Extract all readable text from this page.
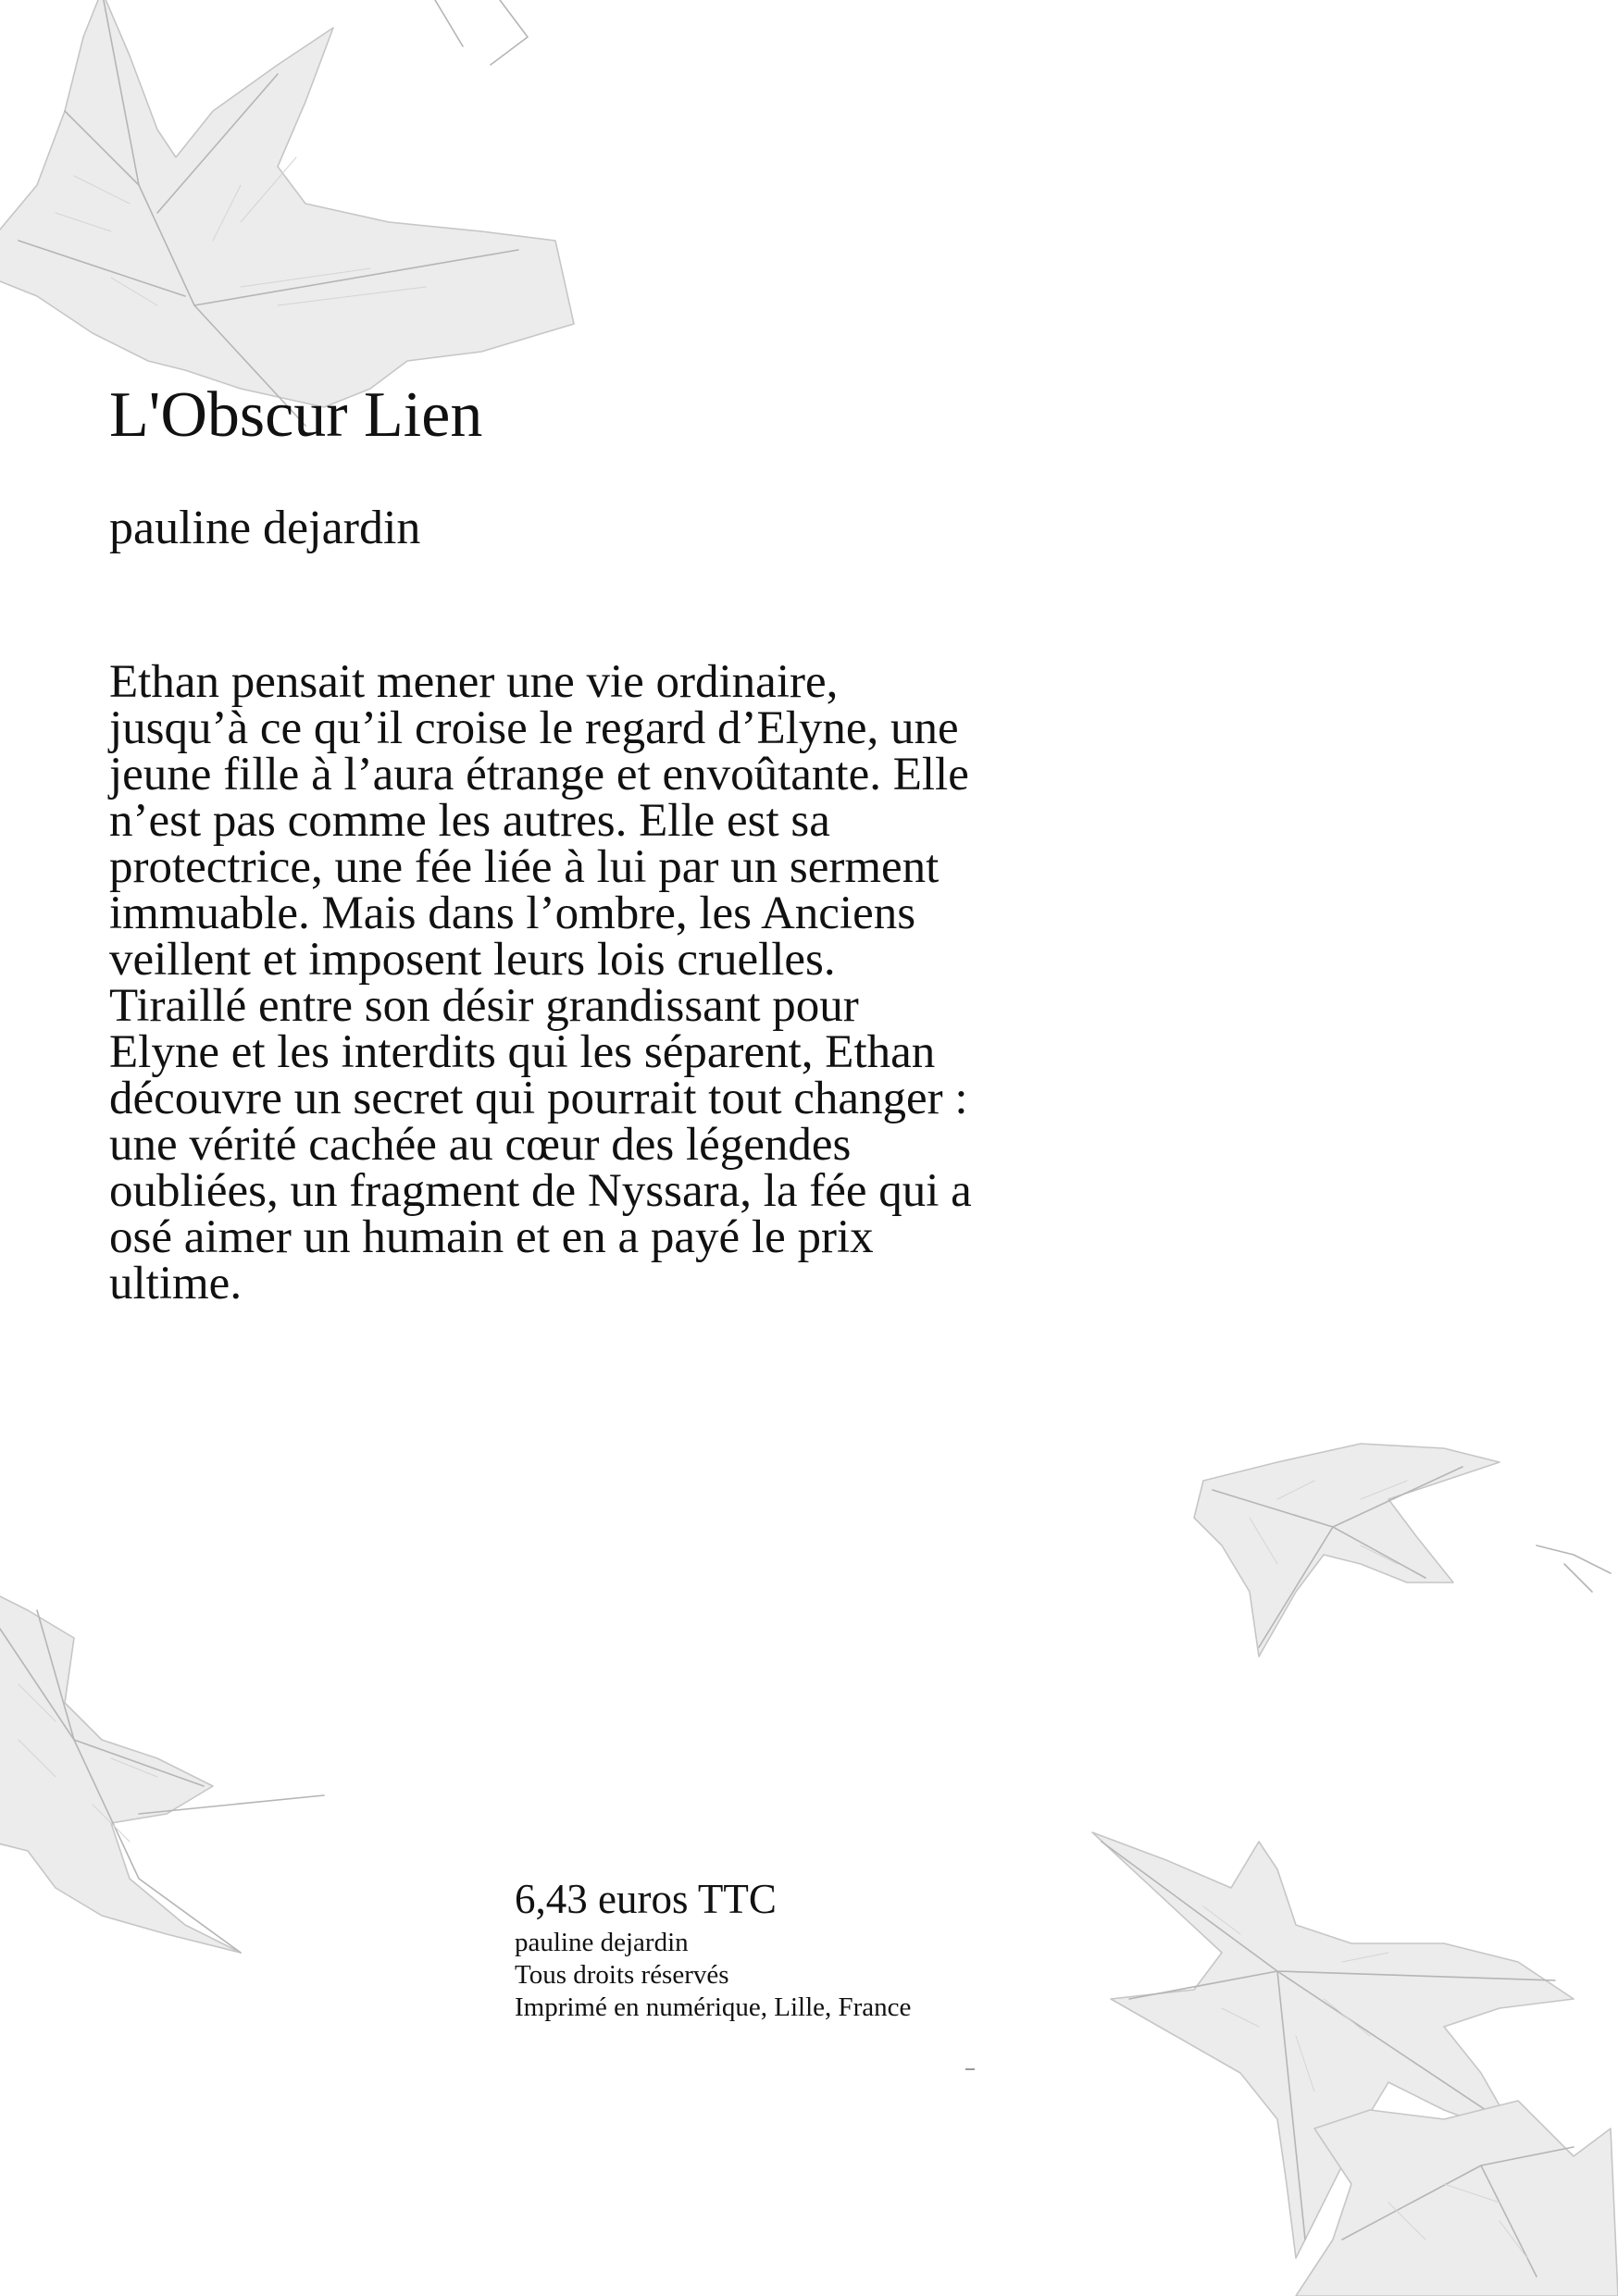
L'Obscur Lien

pauline dejardin

Ethan pensait mener une vie ordinaire,
jusqu’à ce qu’il croise le regard d’Elyne, une
jeune fille à l’aura étrange et envoûtante. Elle
n’est pas comme les autres. Elle est sa
protectrice, une fée liée à lui par un serment
immuable. Mais dans l’ombre, les Anciens
veillent et imposent leurs lois cruelles.
Tiraillé entre son désir grandissant pour
Elyne et les interdits qui les séparent, Ethan
découvre un secret qui pourrait tout changer :
une vérité cachée au cœur des légendes
oubliées, un fragment de Nyssara, la fée qui a
osé aimer un humain et en a payé le prix
ultime.

6,43 euros TTC

pauline dejardin

Tous droits réservés

Imprimé en numérique, Lille, France
